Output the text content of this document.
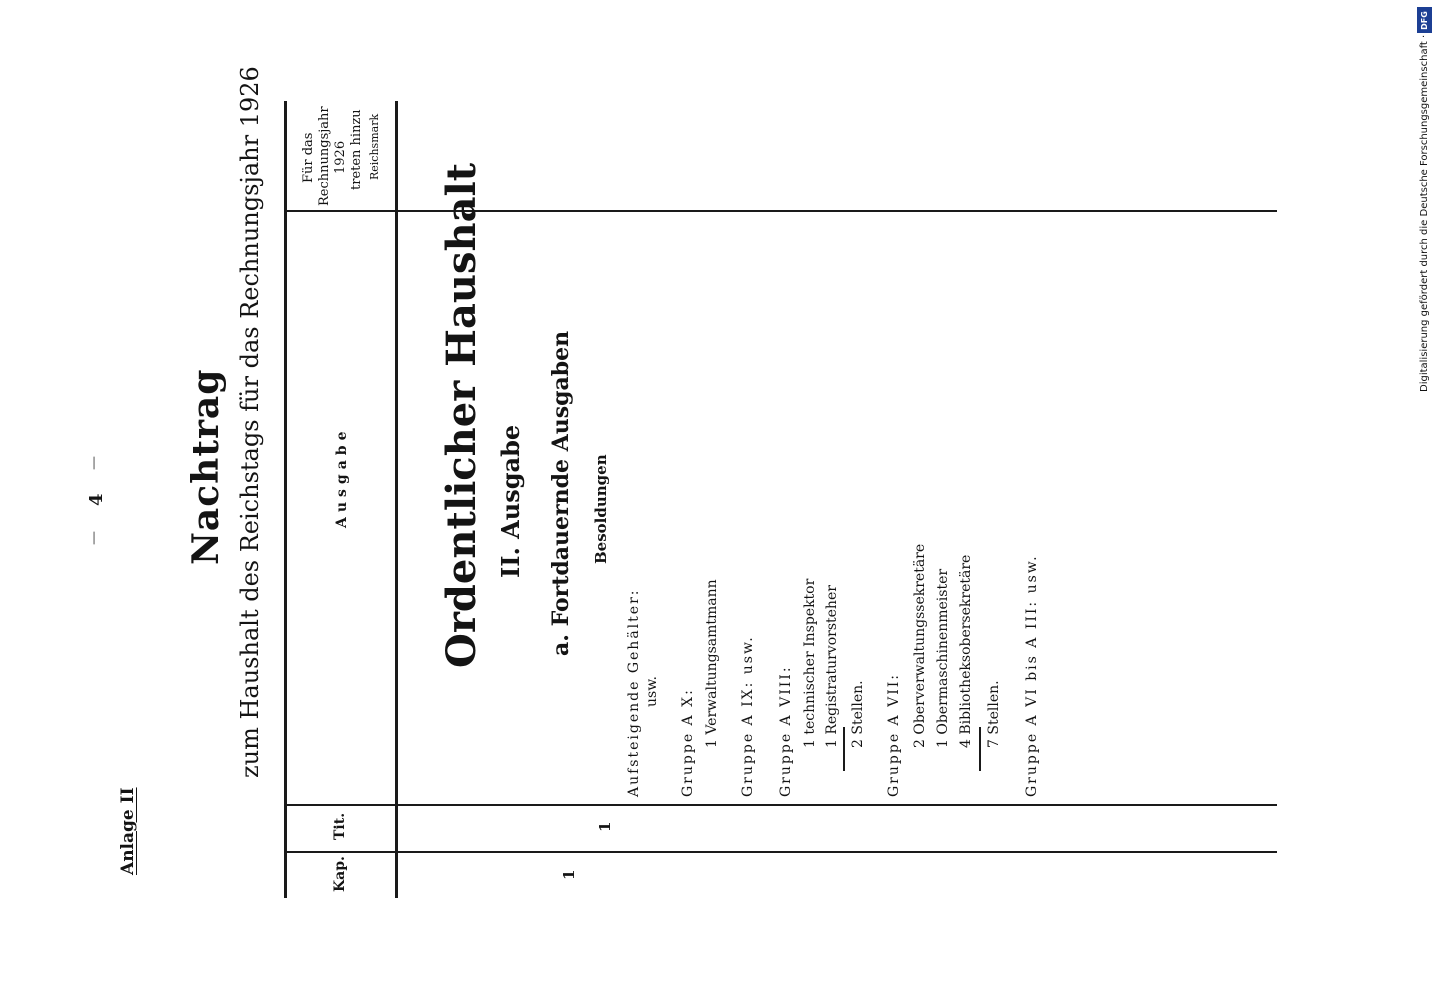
—
4
—
Anlage II
Nachtrag zum Haushalt des Reichstags für das Rechnungsjahr 1926
Kap.
Tit.
Ausgabe
Für das Rechnungsjahr 1926 treten hinzu Reichsmark
1
1
Ordentlicher Haushalt II. Ausgabe a. Fortdauernde Ausgaben Besoldungen
Aufsteigende Gehälter: usw. Gruppe A X: 1 Verwaltungsamtmann Gruppe A IX: usw. Gruppe A VIII: 1 technischer Inspektor 1 Registraturvorsteher 2 Stellen. Gruppe A VII: 2 Oberverwaltungssekretäre 1 Obermaschinenmeister 4 Bibliotheksobersekretäre 7 Stellen. Gruppe A VI bis A III: usw.
DFG
Digitalisierung gefördert durch die Deutsche Forschungsgemeinschaft ·
